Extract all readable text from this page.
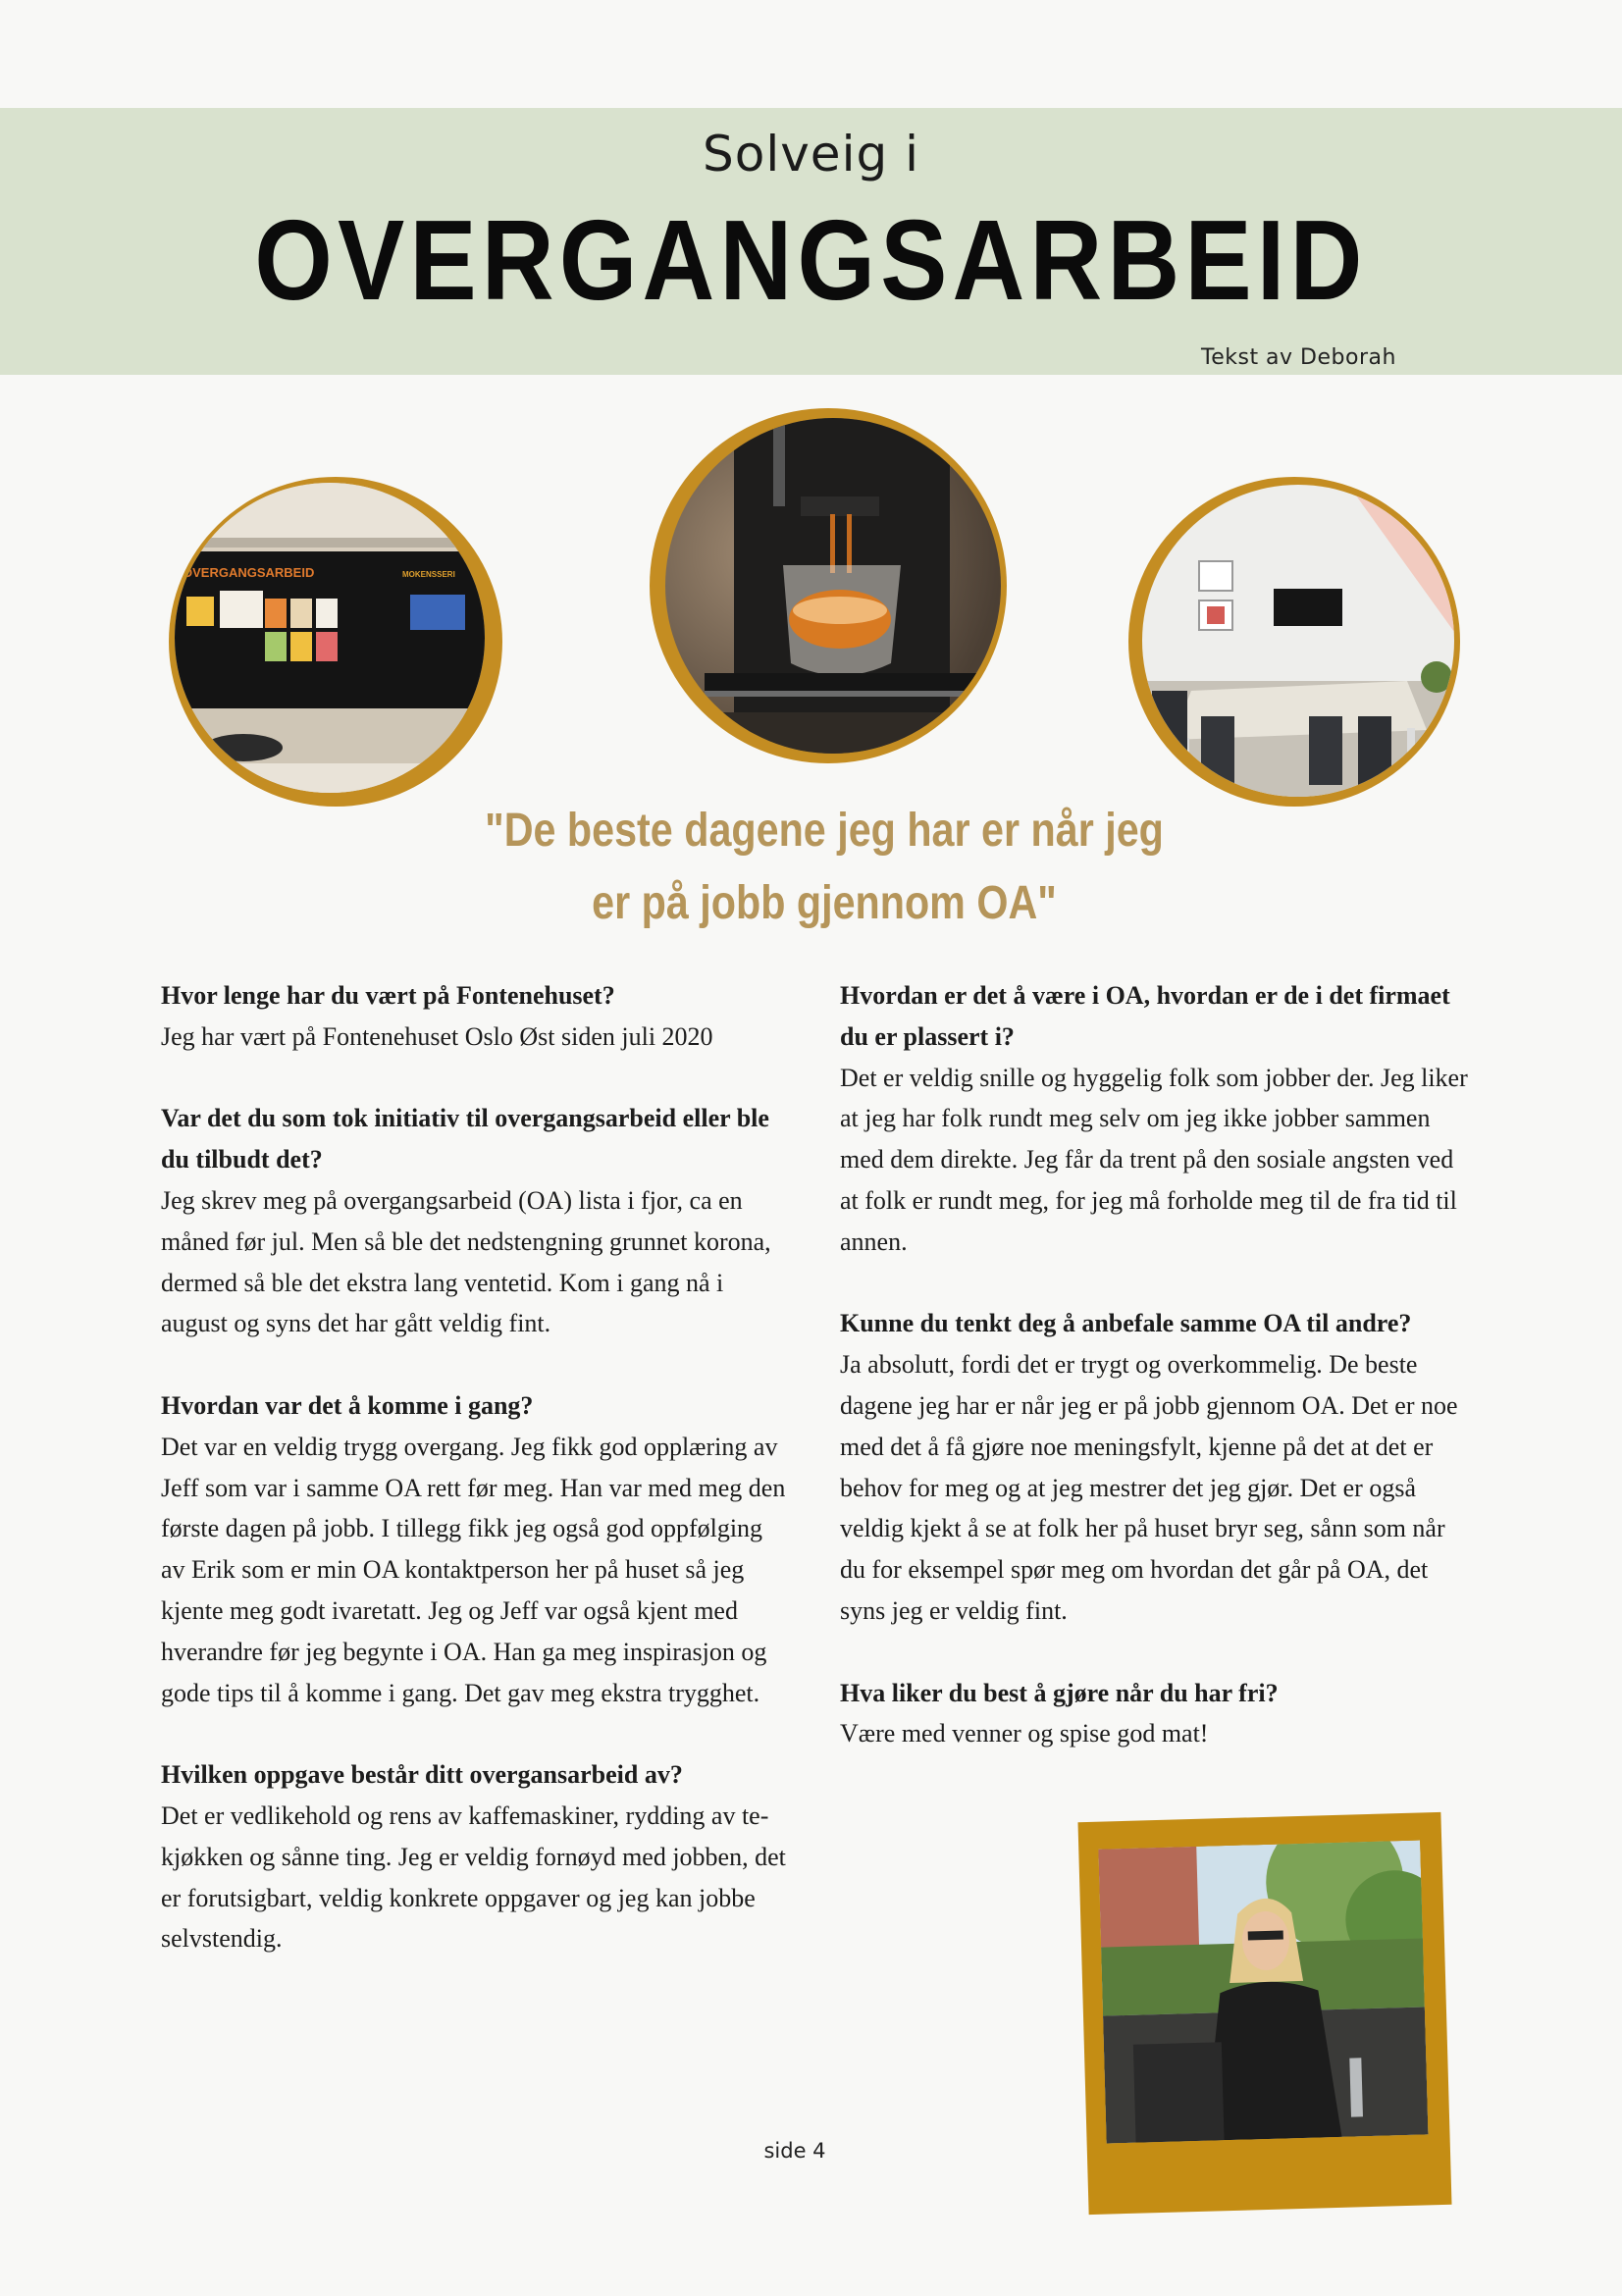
Solveig i
OVERGANGSARBEID
Tekst av Deborah
OVERGANGSARBEID	MOKENSSERI
"De beste dagene jeg har er når jeg
er på jobb gjennom OA"

Hvor lenge har du vært på Fontenehuset?

Jeg har vært på Fontenehuset Oslo Øst siden juli 2020

Var det du som tok initiativ til overgangsarbeid eller ble du tilbudt det?

Jeg skrev meg på overgangsarbeid (OA) lista i fjor, ca en måned før jul. Men så ble det nedstengning grunnet korona, dermed så ble det ekstra lang ventetid. Kom i gang nå i august og syns det har gått veldig fint.

Hvordan var det å komme i gang?

Det var en veldig trygg overgang. Jeg fikk god opplæring av Jeff som var i samme OA rett før meg. Han var med meg den første dagen på jobb. I tillegg fikk jeg også god oppfølging av Erik som er min OA kontaktperson her på huset så jeg kjente meg godt ivaretatt. Jeg og Jeff var også kjent med hverandre før jeg begynte i OA. Han ga meg inspirasjon og gode tips til å komme i gang. Det gav meg ekstra trygghet.

Hvilken oppgave består ditt overgansarbeid av?

Det er vedlikehold og rens av kaffemaskiner, rydding av te-kjøkken og sånne ting. Jeg er veldig fornøyd med jobben, det er forutsigbart, veldig konkrete oppgaver og jeg kan jobbe selvstendig.

Hvordan er det å være i OA, hvordan er de i det firmaet du er plassert i?

Det er veldig snille og hyggelig folk som jobber der. Jeg liker at jeg har folk rundt meg selv om jeg ikke jobber sammen med dem direkte. Jeg får da trent på den sosiale angsten ved at folk er rundt meg, for jeg må forholde meg til de fra tid til annen.

Kunne du tenkt deg å anbefale samme OA til andre?

Ja absolutt, fordi det er trygt og overkommelig. De beste dagene jeg har er når jeg er på jobb gjennom OA. Det er noe med det å få gjøre noe meningsfylt, kjenne på det at det er behov for meg og at jeg mestrer det jeg gjør. Det er også veldig kjekt å se at folk her på huset bryr seg, sånn som når du for eksempel spør meg om hvordan det går på OA, det syns jeg er veldig fint.

Hva liker du best å gjøre når du har fri?

Være med venner og spise god mat!

side 4
